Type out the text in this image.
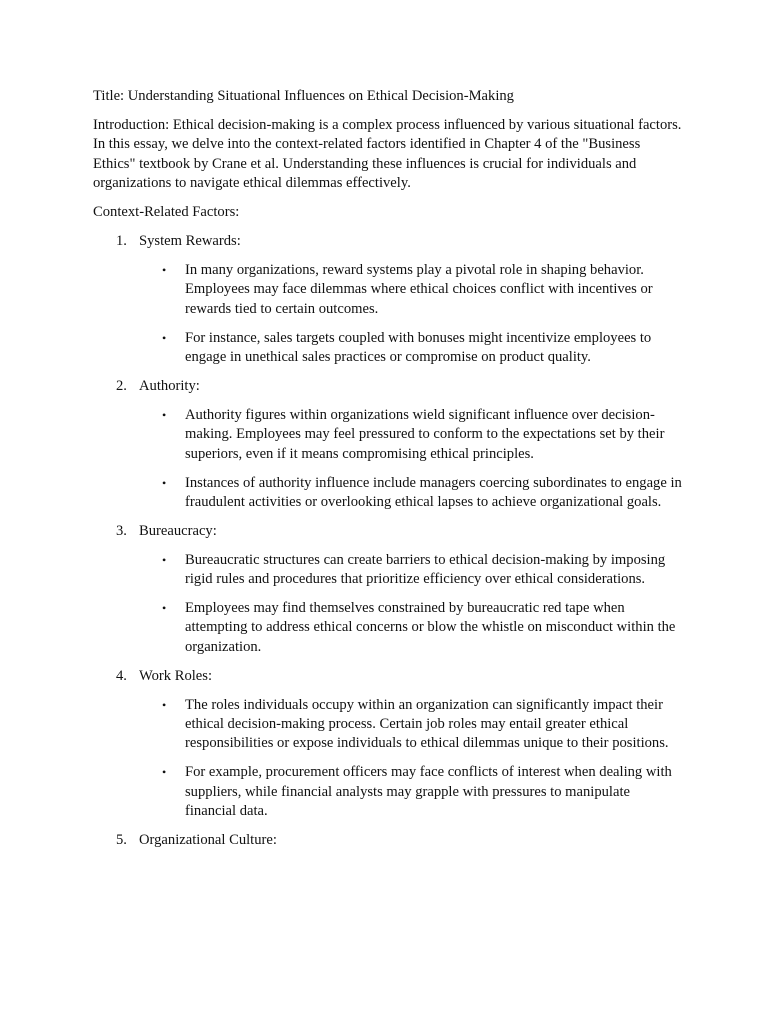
Title: Understanding Situational Influences on Ethical Decision-Making

Introduction: Ethical decision-making is a complex process influenced by various situational factors. In this essay, we delve into the context-related factors identified in Chapter 4 of the "Business Ethics" textbook by Crane et al. Understanding these influences is crucial for individuals and organizations to navigate ethical dilemmas effectively.

Context-Related Factors:

1. System Rewards:
• In many organizations, reward systems play a pivotal role in shaping behavior. Employees may face dilemmas where ethical choices conflict with incentives or rewards tied to certain outcomes.
• For instance, sales targets coupled with bonuses might incentivize employees to engage in unethical sales practices or compromise on product quality.
2. Authority:
• Authority figures within organizations wield significant influence over decision-making. Employees may feel pressured to conform to the expectations set by their superiors, even if it means compromising ethical principles.
• Instances of authority influence include managers coercing subordinates to engage in fraudulent activities or overlooking ethical lapses to achieve organizational goals.
3. Bureaucracy:
• Bureaucratic structures can create barriers to ethical decision-making by imposing rigid rules and procedures that prioritize efficiency over ethical considerations.
• Employees may find themselves constrained by bureaucratic red tape when attempting to address ethical concerns or blow the whistle on misconduct within the organization.
4. Work Roles:
• The roles individuals occupy within an organization can significantly impact their ethical decision-making process. Certain job roles may entail greater ethical responsibilities or expose individuals to ethical dilemmas unique to their positions.
• For example, procurement officers may face conflicts of interest when dealing with suppliers, while financial analysts may grapple with pressures to manipulate financial data.
5. Organizational Culture:
